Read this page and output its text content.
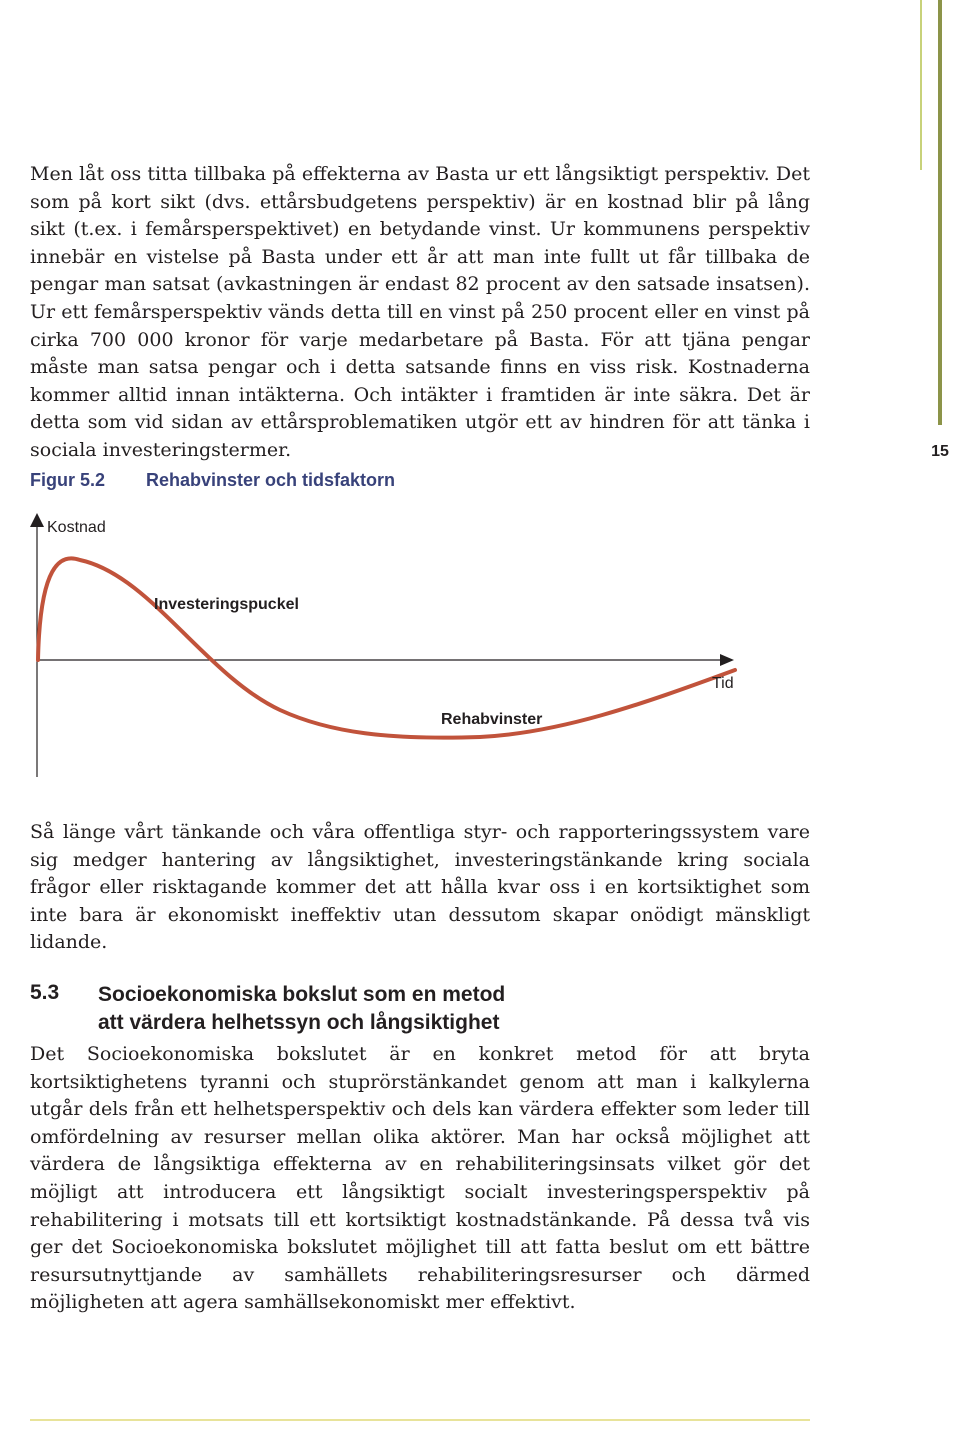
15

Men låt oss titta tillbaka på effekterna av Basta ur ett långsiktigt perspektiv. Det som på kort sikt (dvs. ettårsbudgetens perspektiv) är en kostnad blir på lång sikt (t.ex. i femårsperspektivet) en betydande vinst. Ur kommunens perspektiv innebär en vistelse på Basta under ett år att man inte fullt ut får tillbaka de pengar man satsat (avkastningen är endast 82 procent av den satsade insatsen). Ur ett femårsperspektiv vänds detta till en vinst på 250 procent eller en vinst på cirka 700 000 kronor för varje medarbetare på Basta. För att tjäna pengar måste man satsa pengar och i detta satsande finns en viss risk. Kostnaderna kommer alltid innan intäkterna. Och intäkter i framtiden är inte säkra. Det är detta som vid sidan av ettårsproblematiken utgör ett av hindren för att tänka i sociala investeringstermer.

Figur 5.2 Rehabvinster och tidsfaktorn
Kostnad
Investeringspuckel
Tid
Rehabvinster

Så länge vårt tänkande och våra offentliga styr- och rapporteringssystem vare sig medger hantering av långsiktighet, investeringstänkande kring sociala frågor eller risktagande kommer det att hålla kvar oss i en kortsiktighet som inte bara är ekonomiskt ineffektiv utan dessutom skapar onödigt mänskligt lidande.

5.3 Socioekonomiska bokslut som en metod
att värdera helhetssyn och långsiktighet

Det Socioekonomiska bokslutet är en konkret metod för att bryta kortsiktighetens tyranni och stuprörstänkandet genom att man i kalkylerna utgår dels från ett helhetsperspektiv och dels kan värdera effekter som leder till omfördelning av resurser mellan olika aktörer. Man har också möjlighet att värdera de långsiktiga effekterna av en rehabiliteringsinsats vilket gör det möjligt att introducera ett långsiktigt socialt investeringsperspektiv på rehabilitering i motsats till ett kortsiktigt kostnadstänkande. På dessa två vis ger det Socioekonomiska bokslutet möjlighet till att fatta beslut om ett bättre resursutnyttjande av samhällets rehabiliteringsresurser och därmed möjligheten att agera samhällsekonomiskt mer effektivt.
